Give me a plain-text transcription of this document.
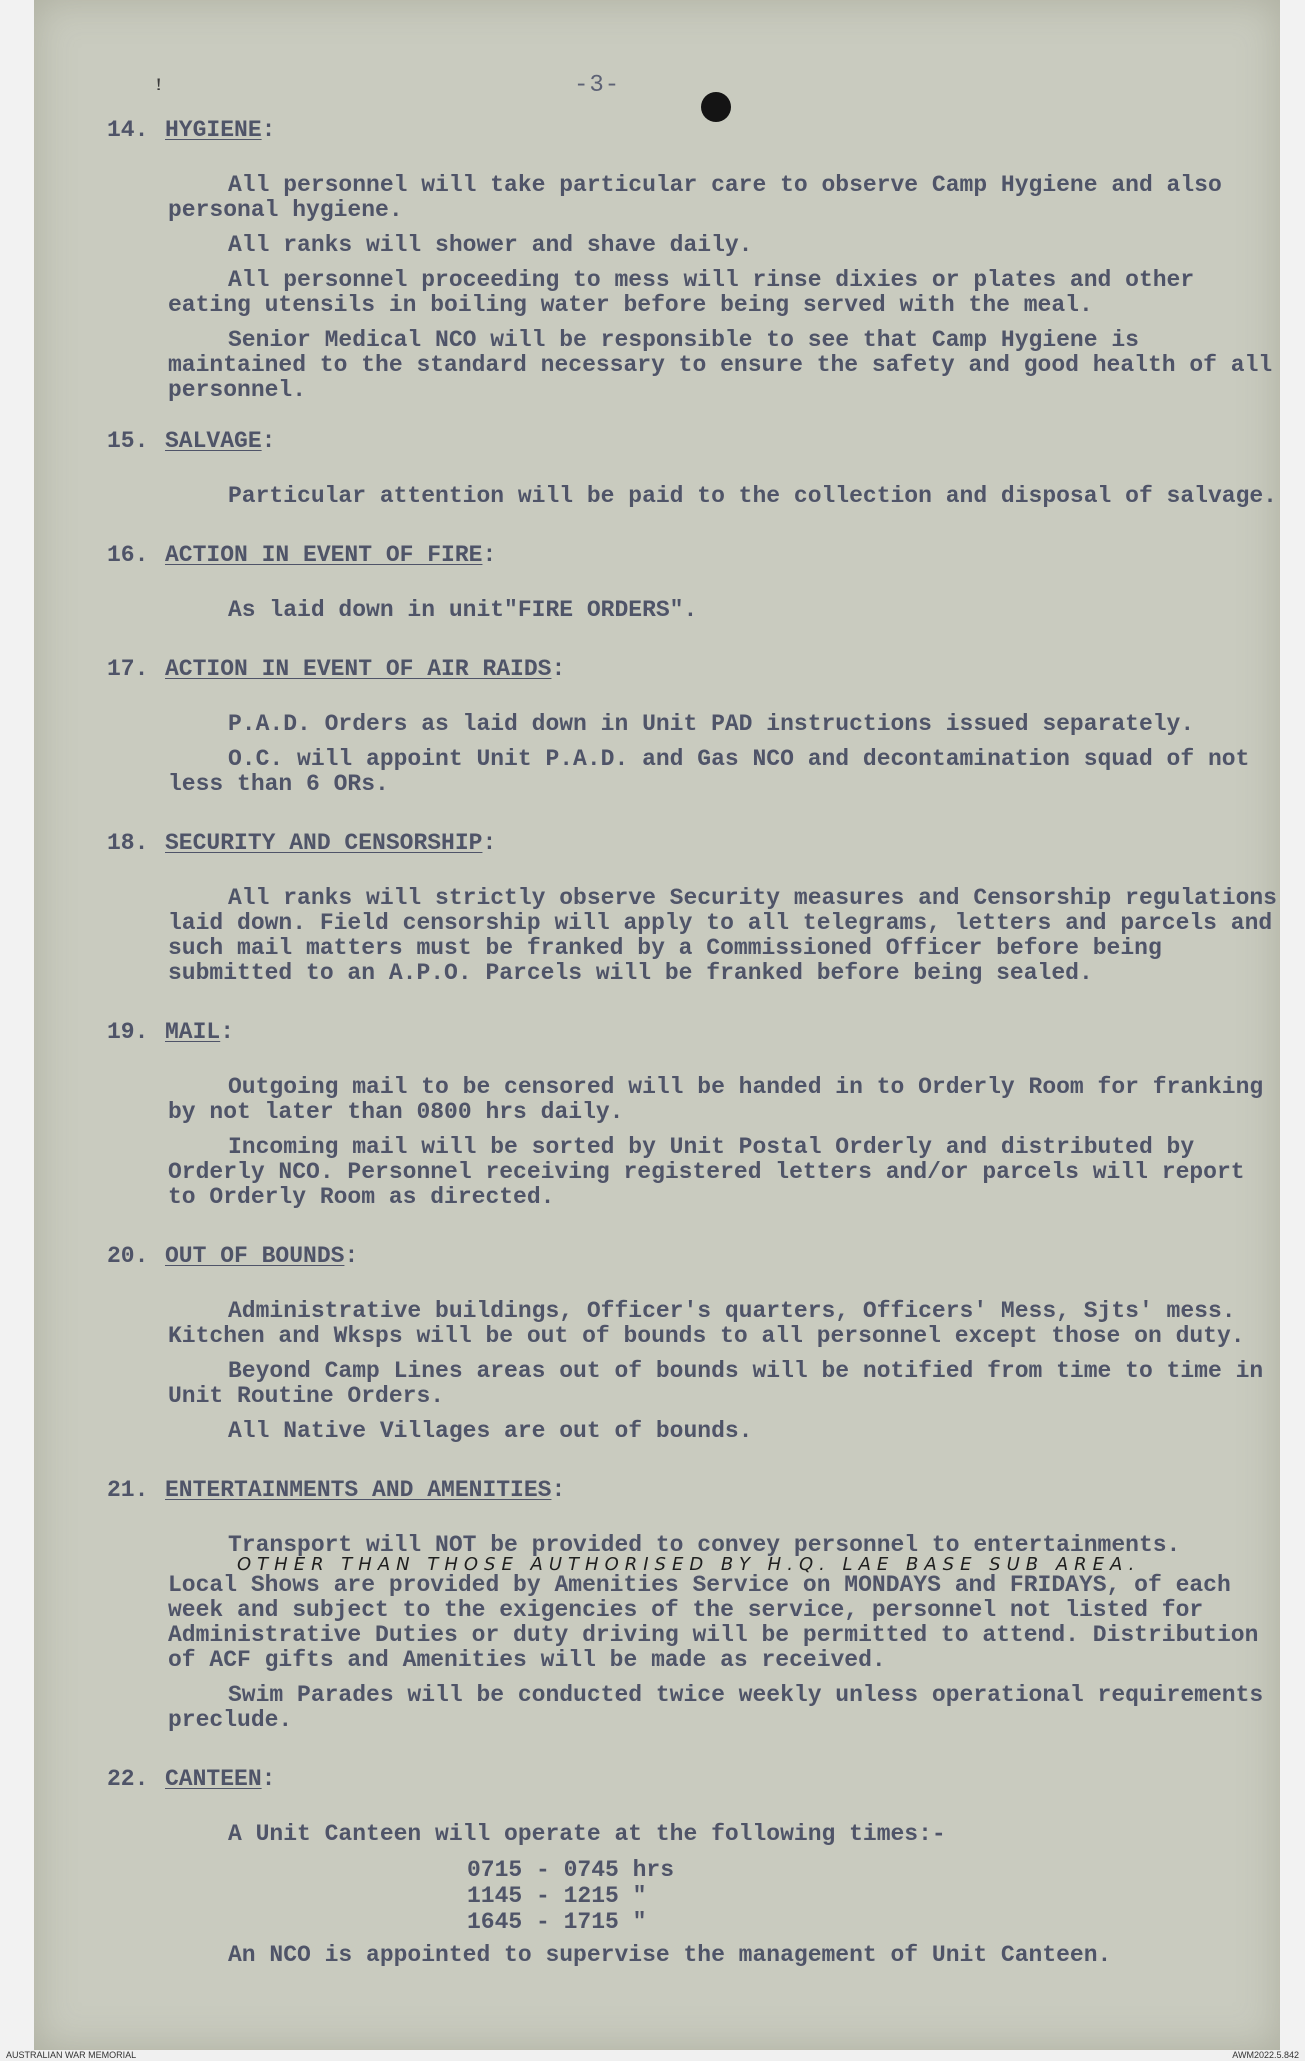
-3-
ꜝ
14. HYGIENE :
All personnel will take particular care to observe Camp Hygiene and also personal hygiene.
All ranks will shower and shave daily.
All personnel proceeding to mess will rinse dixies or plates and other eating utensils in boiling water before being served with the meal.
Senior Medical NCO will be responsible to see that Camp Hygiene is maintained to the standard necessary to ensure the safety and good health of all personnel.
15. SALVAGE :
Particular attention will be paid to the collection and disposal of salvage.
16. ACTION IN EVENT OF FIRE :
As laid down in unit"FIRE ORDERS".
17. ACTION IN EVENT OF AIR RAIDS :
P.A.D. Orders as laid down in Unit PAD instructions issued separately.
O.C. will appoint Unit P.A.D. and Gas NCO and decontamination squad of not less than 6 ORs.
18. SECURITY AND CENSORSHIP :
All ranks will strictly observe Security measures and Censorship regulations laid down. Field censorship will apply to all telegrams, letters and parcels and such mail matters must be franked by a Commissioned Officer before being submitted to an A.P.O. Parcels will be franked before being sealed.
19. MAIL :
Outgoing mail to be censored will be handed in to Orderly Room for franking by not later than 0800 hrs daily.
Incoming mail will be sorted by Unit Postal Orderly and distributed by Orderly NCO. Personnel receiving registered letters and/or parcels will report to Orderly Room as directed.
20. OUT OF BOUNDS :
Administrative buildings, Officer's quarters, Officers' Mess, Sjts' mess. Kitchen and Wksps will be out of bounds to all personnel except those on duty.
Beyond Camp Lines areas out of bounds will be notified from time to time in Unit Routine Orders.
All Native Villages are out of bounds.
21. ENTERTAINMENTS AND AMENITIES :
Transport will NOT be provided to convey personnel to entertainments.
OTHER THAN THOSE AUTHORISED BY H.Q. LAE BASE SUB AREA.
Local Shows are provided by Amenities Service on MONDAYS and FRIDAYS, of each week and subject to the exigencies of the service, personnel not listed for Administrative Duties or duty driving will be permitted to attend. Distribution of ACF gifts and Amenities will be made as received.
Swim Parades will be conducted twice weekly unless operational requirements preclude.
22. CANTEEN :
A Unit Canteen will operate at the following times:-
0715 - 0745 hrs
1145 - 1215 "
1645 - 1715 "
An NCO is appointed to supervise the management of Unit Canteen.
AUSTRALIAN WAR MEMORIAL	AWM2022.5.842
